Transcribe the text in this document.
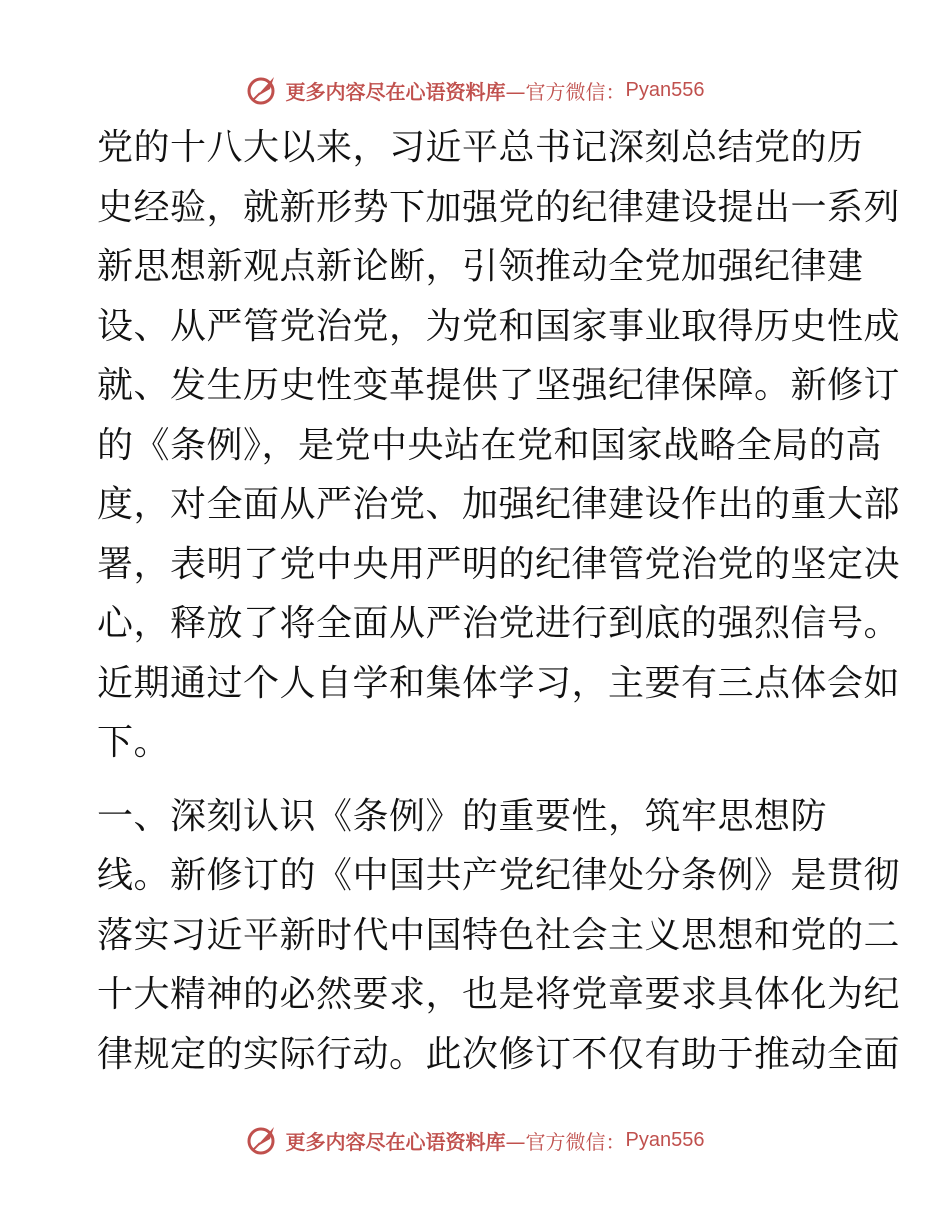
更多内容尽在心语资料库 —官方微信： Pyan556
党的十八大以来，习近平总书记深刻总结党的历
史经验，就新形势下加强党的纪律建设提出一系列
新思想新观点新论断，引领推动全党加强纪律建
设、从严管党治党，为党和国家事业取得历史性成
就、发生历史性变革提供了坚强纪律保障。新修订
的《条例》，是党中央站在党和国家战略全局的高
度，对全面从严治党、加强纪律建设作出的重大部
署，表明了党中央用严明的纪律管党治党的坚定决
心，释放了将全面从严治党进行到底的强烈信号。
近期通过个人自学和集体学习，主要有三点体会如
下。
一、深刻认识《条例》的重要性，筑牢思想防
线。新修订的《中国共产党纪律处分条例》是贯彻
落实习近平新时代中国特色社会主义思想和党的二
十大精神的必然要求，也是将党章要求具体化为纪
律规定的实际行动。此次修订不仅有助于推动全面
更多内容尽在心语资料库 —官方微信： Pyan556
